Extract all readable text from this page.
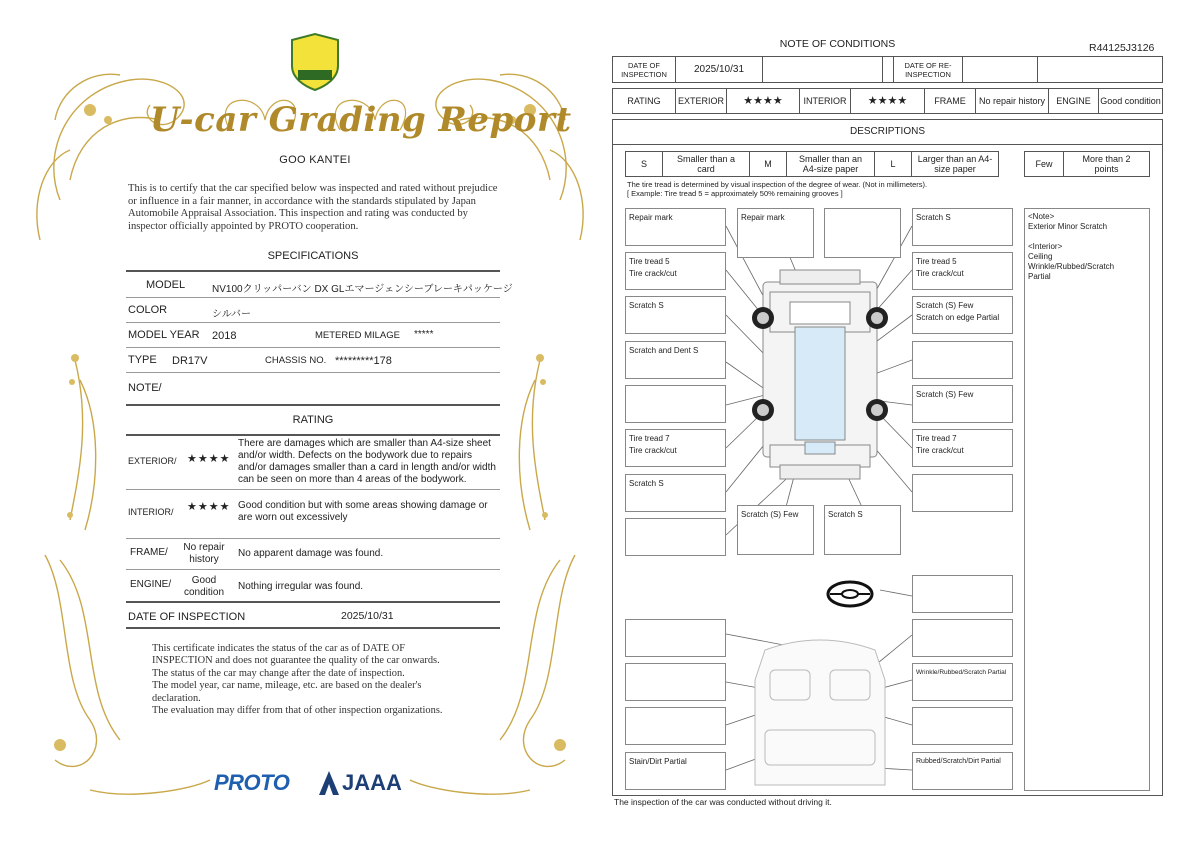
U-car Grading Report
GOO KANTEI
This is to certify that the car specified below was inspected and rated without prejudice or influence in a fair manner, in accordance with the standards stipulated by Japan Automobile Appraisal Association. This inspection and rating was conducted by inspector officially appointed by PROTO cooperation.
SPECIFICATIONS
MODEL	NV100クリッパーバン DX GLエマージェンシーブレーキパッケージ
COLOR	シルバー
MODEL YEAR 2018	METERED MILAGE *****
TYPE DR17V	CHASSIS NO. *********178
NOTE/
RATING
EXTERIOR/ ★★★★
There are damages which are smaller than A4-size sheet and/or width. Defects on the bodywork due to repairs and/or damages smaller than a card in length and/or width can be seen on more than 4 areas of the bodywork.
INTERIOR/ ★★★★ Good condition but with some areas showing damage or are worn out excessively
FRAME/	No repair history
No apparent damage was found.
ENGINE/	Good condition
Nothing irregular was found.
DATE OF INSPECTION	2025/10/31
This certificate indicates the status of the car as of DATE OF
INSPECTION and does not guarantee the quality of the car onwards.
The status of the car may change after the date of inspection.
The model year, car name, mileage, etc. are based on the dealer's
declaration.
The evaluation may differ from that of other inspection organizations.
PROTO JAAA
NOTE OF CONDITIONS	R44125J3126
DATE OF INSPECTION	2025/10/31	DATE OF RE-INSPECTION
RATING	EXTERIOR	★★★★	INTERIOR	★★★★	FRAME	No repair history	ENGINE	Good condition
DESCRIPTIONS
S	Smaller than a card	M	Smaller than an A4-size paper	L	Larger than an A4-size paper	Few	More than 2 points
The tire tread is determined by visual inspection of the degree of wear. (Not in millimeters).
[ Example: Tire tread 5 = approximately 50% remaining grooves ]
Repair mark
Tire tread 5
Tire crack/cut
Scratch S
Scratch and Dent S
Tire tread 7
Tire crack/cut
Scratch S
Repair mark	Scratch S
Tire tread 5
Tire crack/cut
Scratch (S) Few
Scratch on edge Partial
Scratch (S) Few
Tire tread 7
Tire crack/cut
Scratch (S) Few	Scratch S
Stain/Dirt Partial
Wrinkle/Rubbed/Scratch Partial
Rubbed/Scratch/Dirt Partial
<Note>
Exterior Minor Scratch
<Interior>
Ceiling
Wrinkle/Rubbed/Scratch
Partial
The inspection of the car was conducted without driving it.
